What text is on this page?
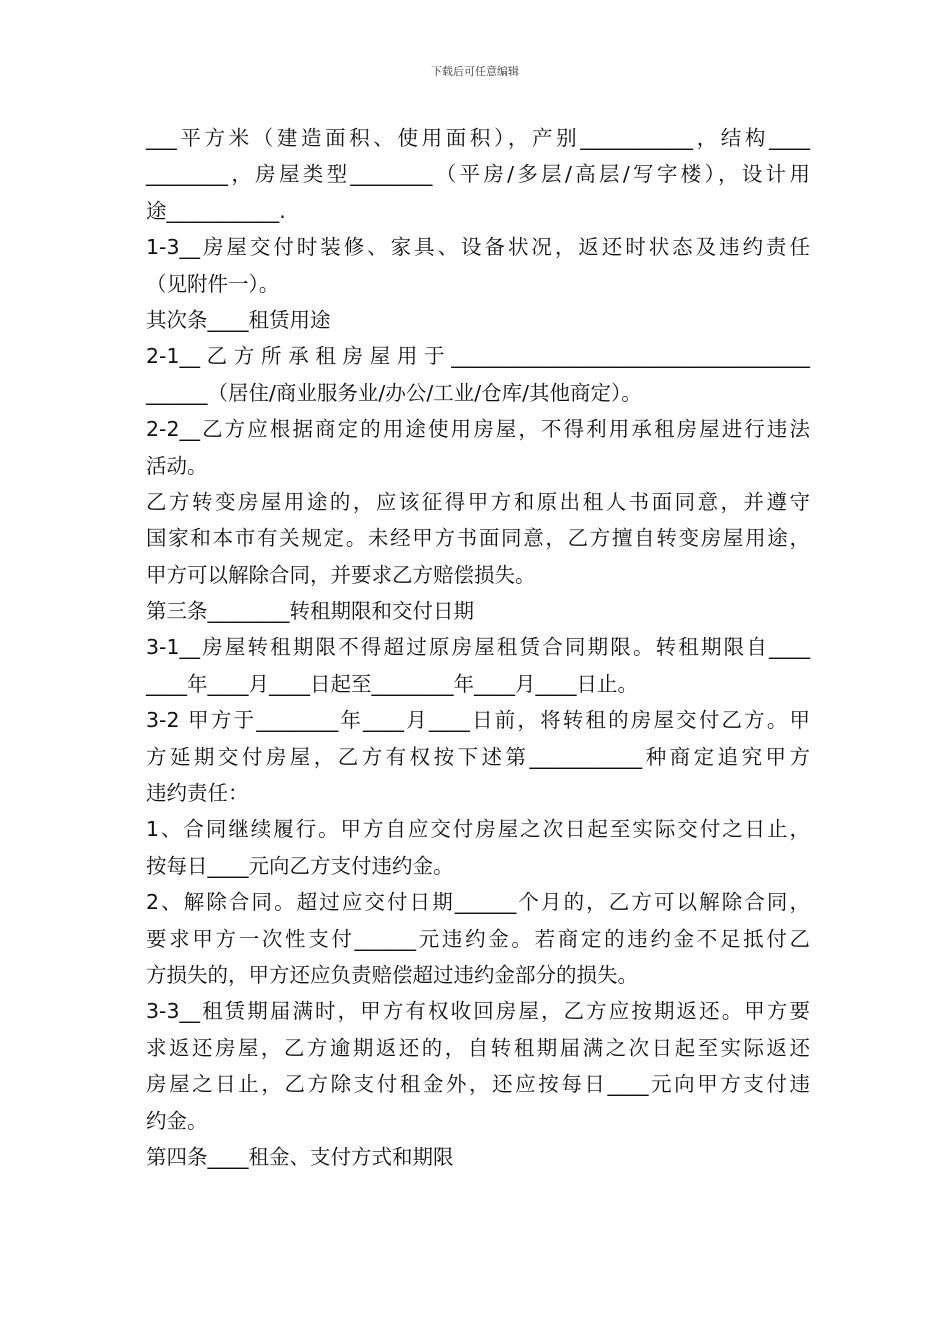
下载后可任意编辑
___平方米（建造面积、使用面积），产别___________，结构____
________，房屋类型________（平房/多层/高层/写字楼），设计用
途___________.
1-3__房屋交付时装修、家具、设备状况，返还时状态及违约责任
（见附件一）。
其次条____租赁用途
2-1__乙方所承租房屋用于___________________________________
______（居住/商业服务业/办公/工业/仓库/其他商定）。
2-2__乙方应根据商定的用途使用房屋，不得利用承租房屋进行违法
活动。
乙方转变房屋用途的，应该征得甲方和原出租人书面同意，并遵守
国家和本市有关规定。未经甲方书面同意，乙方擅自转变房屋用途，
甲方可以解除合同，并要求乙方赔偿损失。
第三条________转租期限和交付日期
3-1__房屋转租期限不得超过原房屋租赁合同期限。转租期限自____
____年____月____日起至________年____月____日止。
3-2 甲方于________年____月____日前，将转租的房屋交付乙方。甲
方延期交付房屋，乙方有权按下述第___________种商定追究甲方
违约责任：
1、合同继续履行。甲方自应交付房屋之次日起至实际交付之日止，
按每日____元向乙方支付违约金。
2、解除合同。超过应交付日期______个月的，乙方可以解除合同，
要求甲方一次性支付______元违约金。若商定的违约金不足抵付乙
方损失的，甲方还应负责赔偿超过违约金部分的损失。
3-3__租赁期届满时，甲方有权收回房屋，乙方应按期返还。甲方要
求返还房屋，乙方逾期返还的，自转租期届满之次日起至实际返还
房屋之日止，乙方除支付租金外，还应按每日____元向甲方支付违
约金。
第四条____租金、支付方式和期限
